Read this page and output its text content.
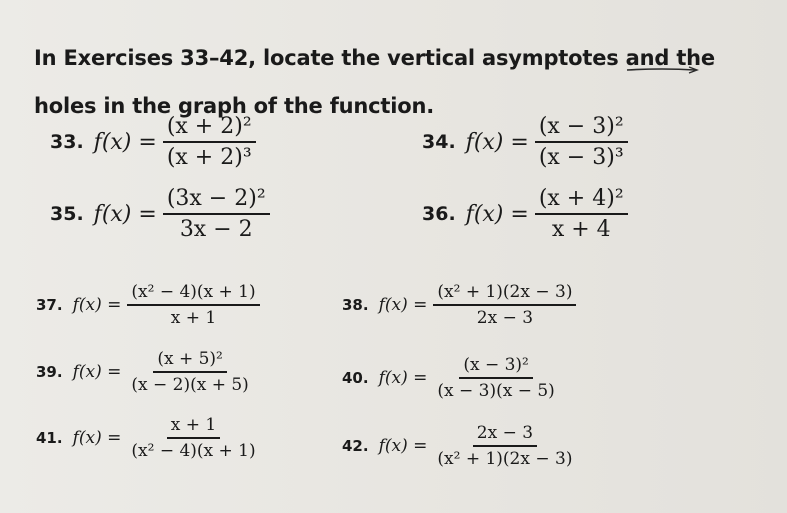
In Exercises 33–42, locate the vertical asymptotes and the holes in the graph of the function.
33. $f(x) = \frac{\text{(x + 2)²}}{\text{(x + 2)³}}$	34. $f(x) = \frac{\text{(x − 3)²}}{\text{(x − 3)³}}$
35. $f(x) = \frac{\text{(3x − 2)²}}{3x - 2}$	36. $f(x) = \frac{\text{(x + 4)²}}{x + 4}$
37. $f(x) = \frac{\text{(x² − 4)(x + 1)}}{x + 1}$	38. $f(x) = \frac{\text{(x² + 1)(2x − 3)}}{2x - 3}$
39. $f(x) = \frac{\text{(x + 5)²}}{(x - 2)(x + 5)}$	40. $f(x) = \frac{\text{(x − 3)²}}{(x - 3)(x - 5)}$
41. $f(x) = \frac{x + 1}{\text{(x² − 4)(x + 1)}}$	42. $f(x) = \frac{2x - 3}{\text{(x² + 1)(2x − 3)}}$
